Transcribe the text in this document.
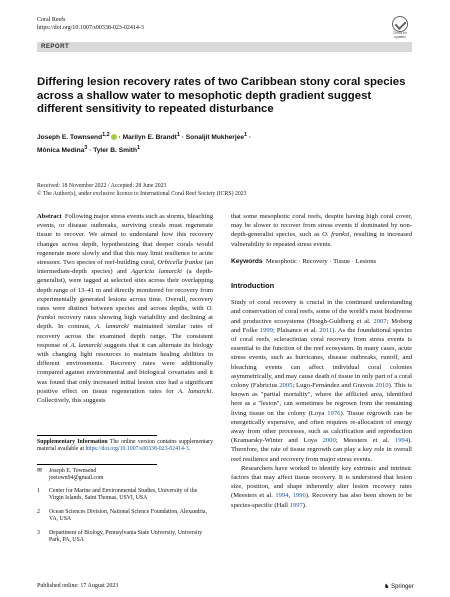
Coral Reefs
https://doi.org/10.1007/s00338-023-02414-3
Check for updates
REPORT
Differing lesion recovery rates of two Caribbean stony coral species across a shallow water to mesophotic depth gradient suggest different sensitivity to repeated disturbance
Joseph E. Townsend$^{1,2}$ · Marilyn E. Brandt$^1$ · Sonaljit Mukherjee$^1$ ·
Mônica Medina$^3$ · Tyler B. Smith$^1$
Received: 18 November 2022 / Accepted: 28 June 2023
© The Author(s), under exclusive licence to International Coral Reef Society (ICRS) 2023
Abstract Following major stress events such as storms, bleaching events, or disease outbreaks, surviving corals must regenerate tissue to recover. We aimed to understand how this recovery changes across depth, hypothesizing that deeper corals would regenerate more slowly and that this may limit resilience to acute stressors. Two species of reef-building coral, Orbicella franksi (an intermediate-depth species) and Agaricia lamarcki (a depth-generalist), were tagged at selected sites across their overlapping depth range of 13–41 m and directly monitored for recovery from experimentally generated lesions across time. Overall, recovery rates were distinct between species and across depths, with O. franksi recovery rates showing high variability and declining at depth. In contrast, A. lamarcki maintained similar rates of recovery across the examined depth range. The consistent response of A. lamarcki suggests that it can alternate its biology with changing light resources to maintain healing abilities in different environments. Recovery rates were additionally compared against environmental and biological covariates and it was found that only increased initial lesion size had a significant positive effect on tissue regeneration rates for A. lamarcki. Collectively, this suggests
Supplementary Information The online version contains supplementary material available at https://doi.org/10.1007/s00338-023-02414-3.
✉ Joseph E. Townsend
joetown94@gmail.com
1 Center for Marine and Environmental Studies, University of the Virgin Islands, Saint Thomas, USVI, USA
2 Ocean Sciences Division, National Science Foundation, Alexandria, VA, USA
3 Department of Biology, Pennsylvania State University, University Park, PA, USA
that some mesophotic coral reefs, despite having high coral cover, may be slower to recover from stress events if dominated by non-depth-generalist species, such as O. franksi, resulting in increased vulnerability to repeated stress events.
Keywords Mesophotic · Recovery · Tissue · Lesions
Introduction
Study of coral recovery is crucial in the continued understanding and conservation of coral reefs, some of the world's most biodiverse and productive ecosystems (Hoegh-Guldberg et al. 2007; Moberg and Folke 1999; Plaisance et al. 2011). As the foundational species of coral reefs, scleractinian coral recovery from stress events is essential to the function of the reef ecosystem. In many cases, acute stress events, such as hurricanes, disease outbreaks, runoff, and bleaching events can affect individual coral colonies asymmetrically, and may cause death of tissue in only part of a coral colony (Fabricius 2005; Lugo-Fernández and Gravois 2010). This is known as "partial mortality", where the afflicted area, identified here as a "lesion", can sometimes be regrown from the remaining living tissue on the colony (Loya 1976). Tissue regrowth can be energetically expensive, and often requires re-allocation of energy away from other processes, such as calcification and reproduction (Kramarsky-Winter and Loya 2000; Meesters et al. 1994). Therefore, the rate of tissue regrowth can play a key role in overall reef resilience and recovery from major stress events.
Researchers have worked to identify key extrinsic and intrinsic factors that may affect tissue recovery. It is understood that lesion size, position, and shape inherently alter lesion recovery rates (Meesters et al. 1994, 1996). Recovery has also been shown to be species-specific (Hall 1997).
Published online: 17 August 2023	♞ Springer
